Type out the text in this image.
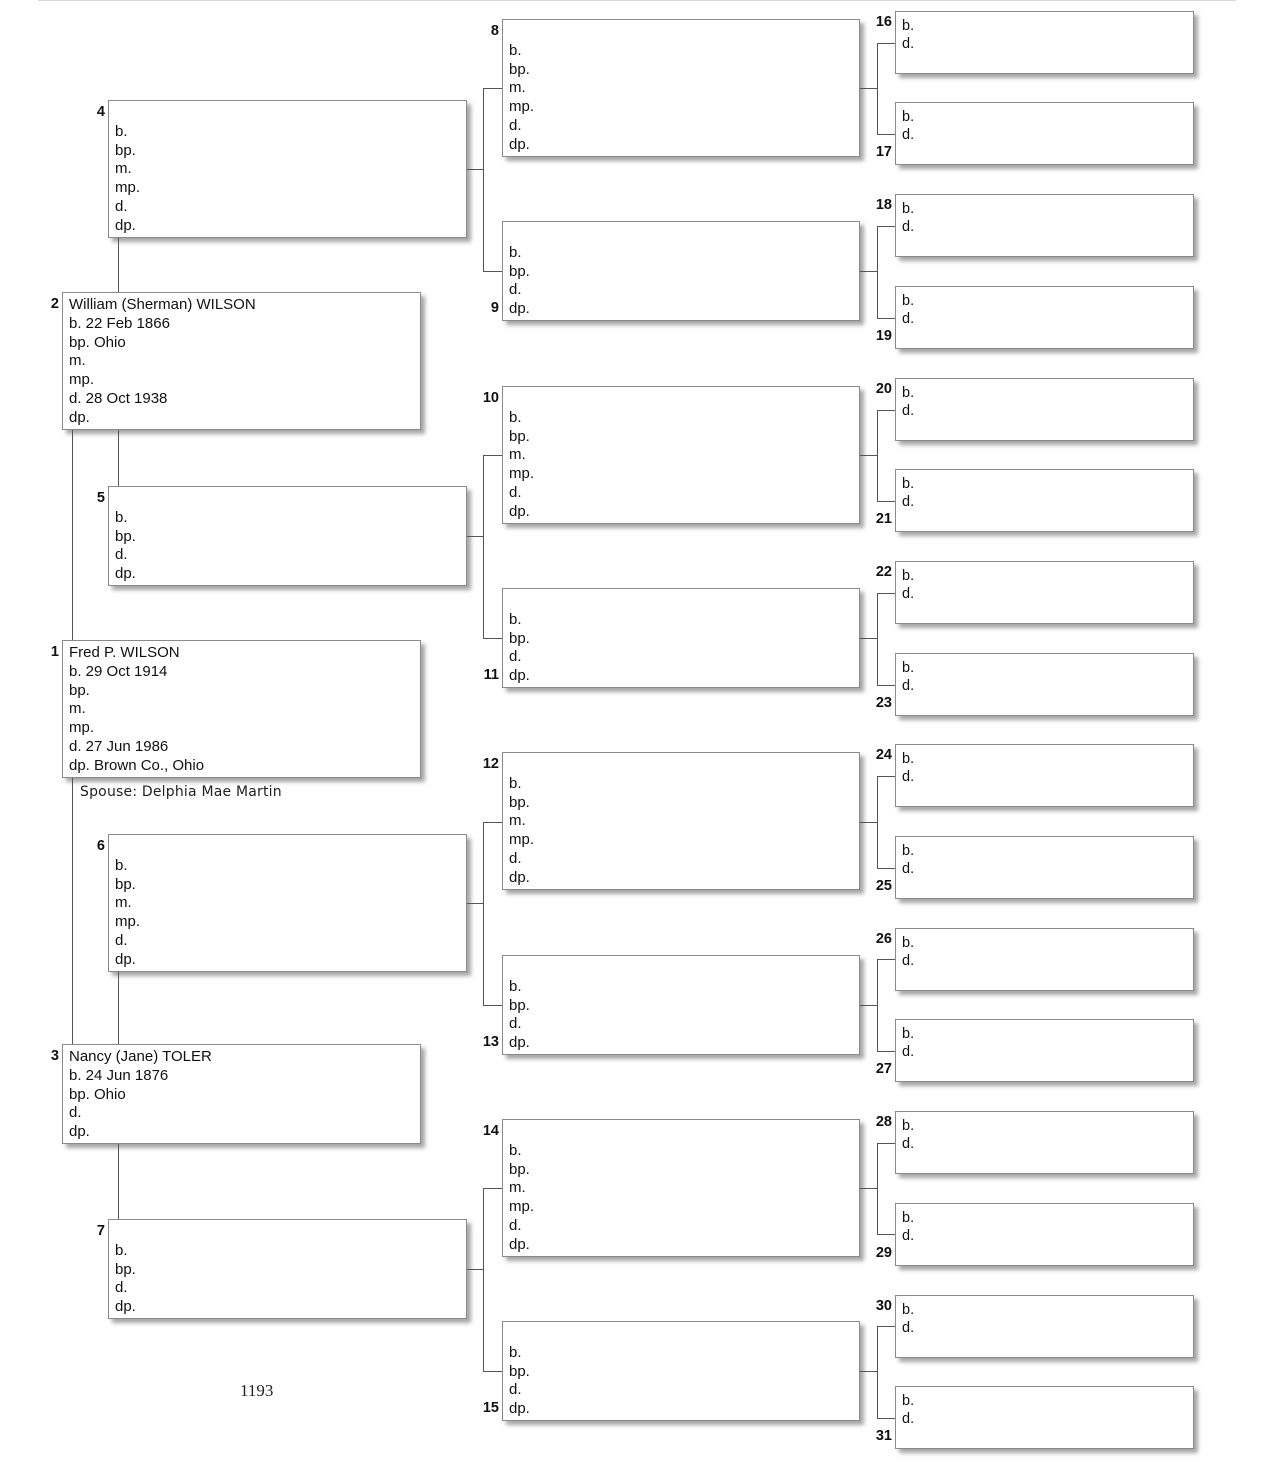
Spouse: Delphia Mae Martin
1193
Fred P. WILSON
b. 29 Oct 1914
bp.
m.
mp.
d. 27 Jun 1986
dp. Brown Co., Ohio
1
William (Sherman) WILSON
b. 22 Feb 1866
bp. Ohio
m.
mp.
d. 28 Oct 1938
dp.
2
Nancy (Jane) TOLER
b. 24 Jun 1876
bp. Ohio
d.
dp.
3
b.
bp.
m.
mp.
d.
dp.
4
b.
bp.
d.
dp.
5
b.
bp.
m.
mp.
d.
dp.
6
b.
bp.
d.
dp.
7
b.
bp.
m.
mp.
d.
dp.
8
b.
bp.
d.
dp.
9
b.
bp.
m.
mp.
d.
dp.
10
b.
bp.
d.
dp.
11
b.
bp.
m.
mp.
d.
dp.
12
b.
bp.
d.
dp.
13
b.
bp.
m.
mp.
d.
dp.
14
b.
bp.
d.
dp.
15
b.
d.
16
b.
d.
17
b.
d.
18
b.
d.
19
b.
d.
20
b.
d.
21
b.
d.
22
b.
d.
23
b.
d.
24
b.
d.
25
b.
d.
26
b.
d.
27
b.
d.
28
b.
d.
29
b.
d.
30
b.
d.
31
